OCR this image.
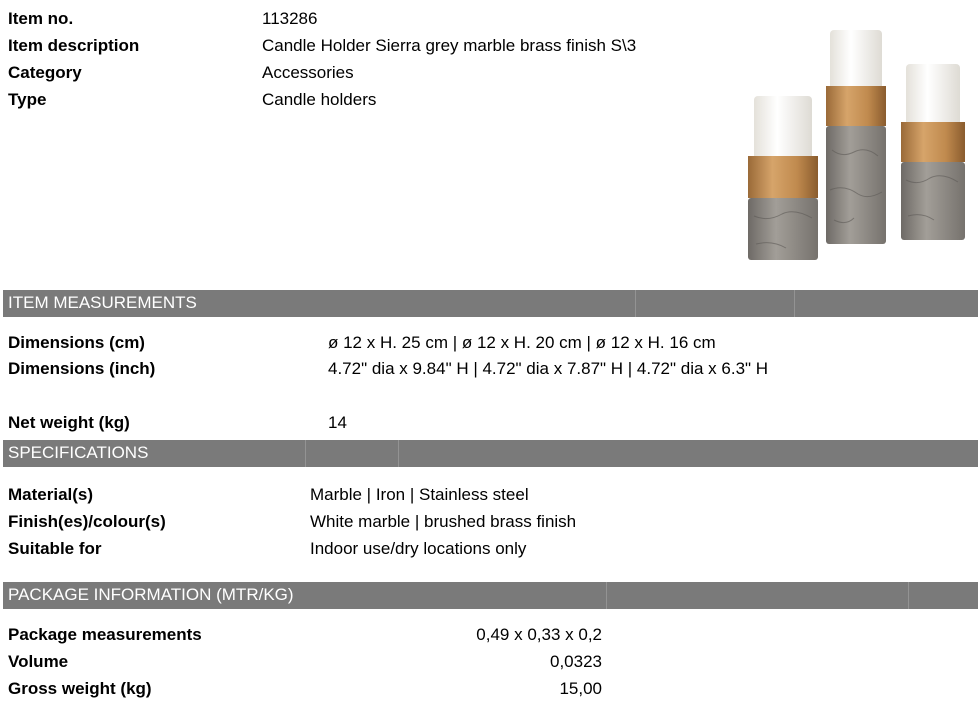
Item no.	113286
Item description	Candle Holder Sierra grey marble brass finish S\3
Category	Accessories
Type	Candle holders
ITEM MEASUREMENTS
Dimensions (cm)	ø 12 x H. 25 cm | ø 12 x H. 20 cm | ø 12 x H. 16 cm
Dimensions (inch)	4.72" dia x 9.84" H | 4.72" dia x 7.87" H | 4.72" dia x 6.3" H
Net weight (kg)	14
SPECIFICATIONS
Material(s)	Marble | Iron | Stainless steel
Finish(es)/colour(s)	White marble | brushed brass finish
Suitable for	Indoor use/dry locations only
PACKAGE INFORMATION (MTR/KG)
Package measurements	0,49 x 0,33 x 0,2
Volume	0,0323
Gross weight (kg)	15,00
